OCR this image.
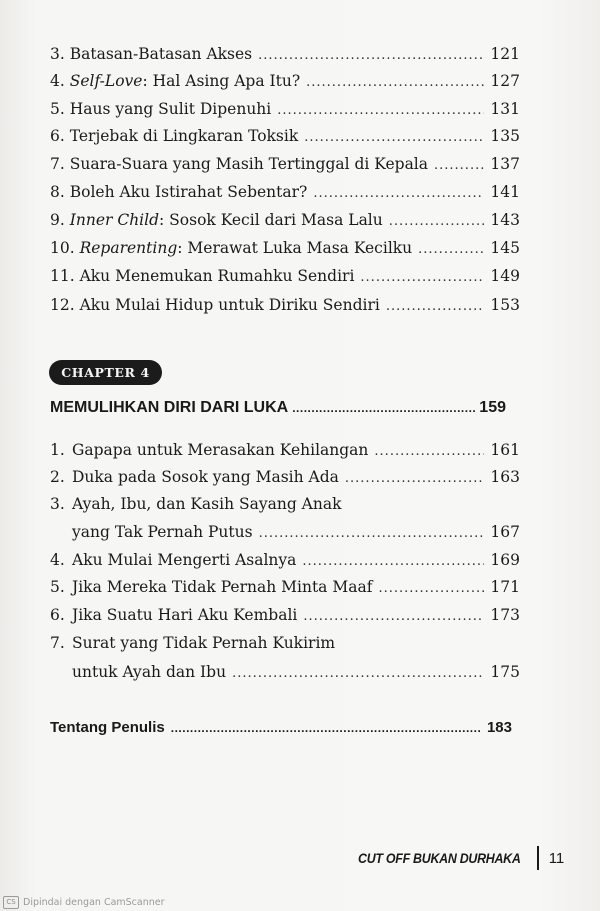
3.
Batasan-Batasan Akses .....	121
4.
Self-Love: Hal Asing Apa Itu? .....	127
5.
Haus yang Sulit Dipenuhi .....	131
6.
Terjebak di Lingkaran Toksik .....	135
7.
Suara-Suara yang Masih Tertinggal di Kepala .....	137
8.
Boleh Aku Istirahat Sebentar? .....	141
9.
Inner Child: Sosok Kecil dari Masa Lalu .....	143
10.
Reparenting: Merawat Luka Masa Kecilku .....	145
11.
Aku Menemukan Rumahku Sendiri .....	149
12.
Aku Mulai Hidup untuk Diriku Sendiri .....	153
CHAPTER 4
MEMULIHKAN DIRI DARI LUKA .....	159
1. Gapapa untuk Merasakan Kehilangan .....	161
2. Duka pada Sosok yang Masih Ada .....	163
3. Ayah, Ibu, dan Kasih Sayang Anak
yang Tak Pernah Putus .....	167
4. Aku Mulai Mengerti Asalnya .....	169
5. Jika Mereka Tidak Pernah Minta Maaf .....	171
6. Jika Suatu Hari Aku Kembali .....	173
7. Surat yang Tidak Pernah Kukirim
untuk Ayah dan Ibu .....	175
Tentang Penulis .....	183
CUT OFF BUKAN DURHAKA 11
CS Dipindai dengan CamScanner
